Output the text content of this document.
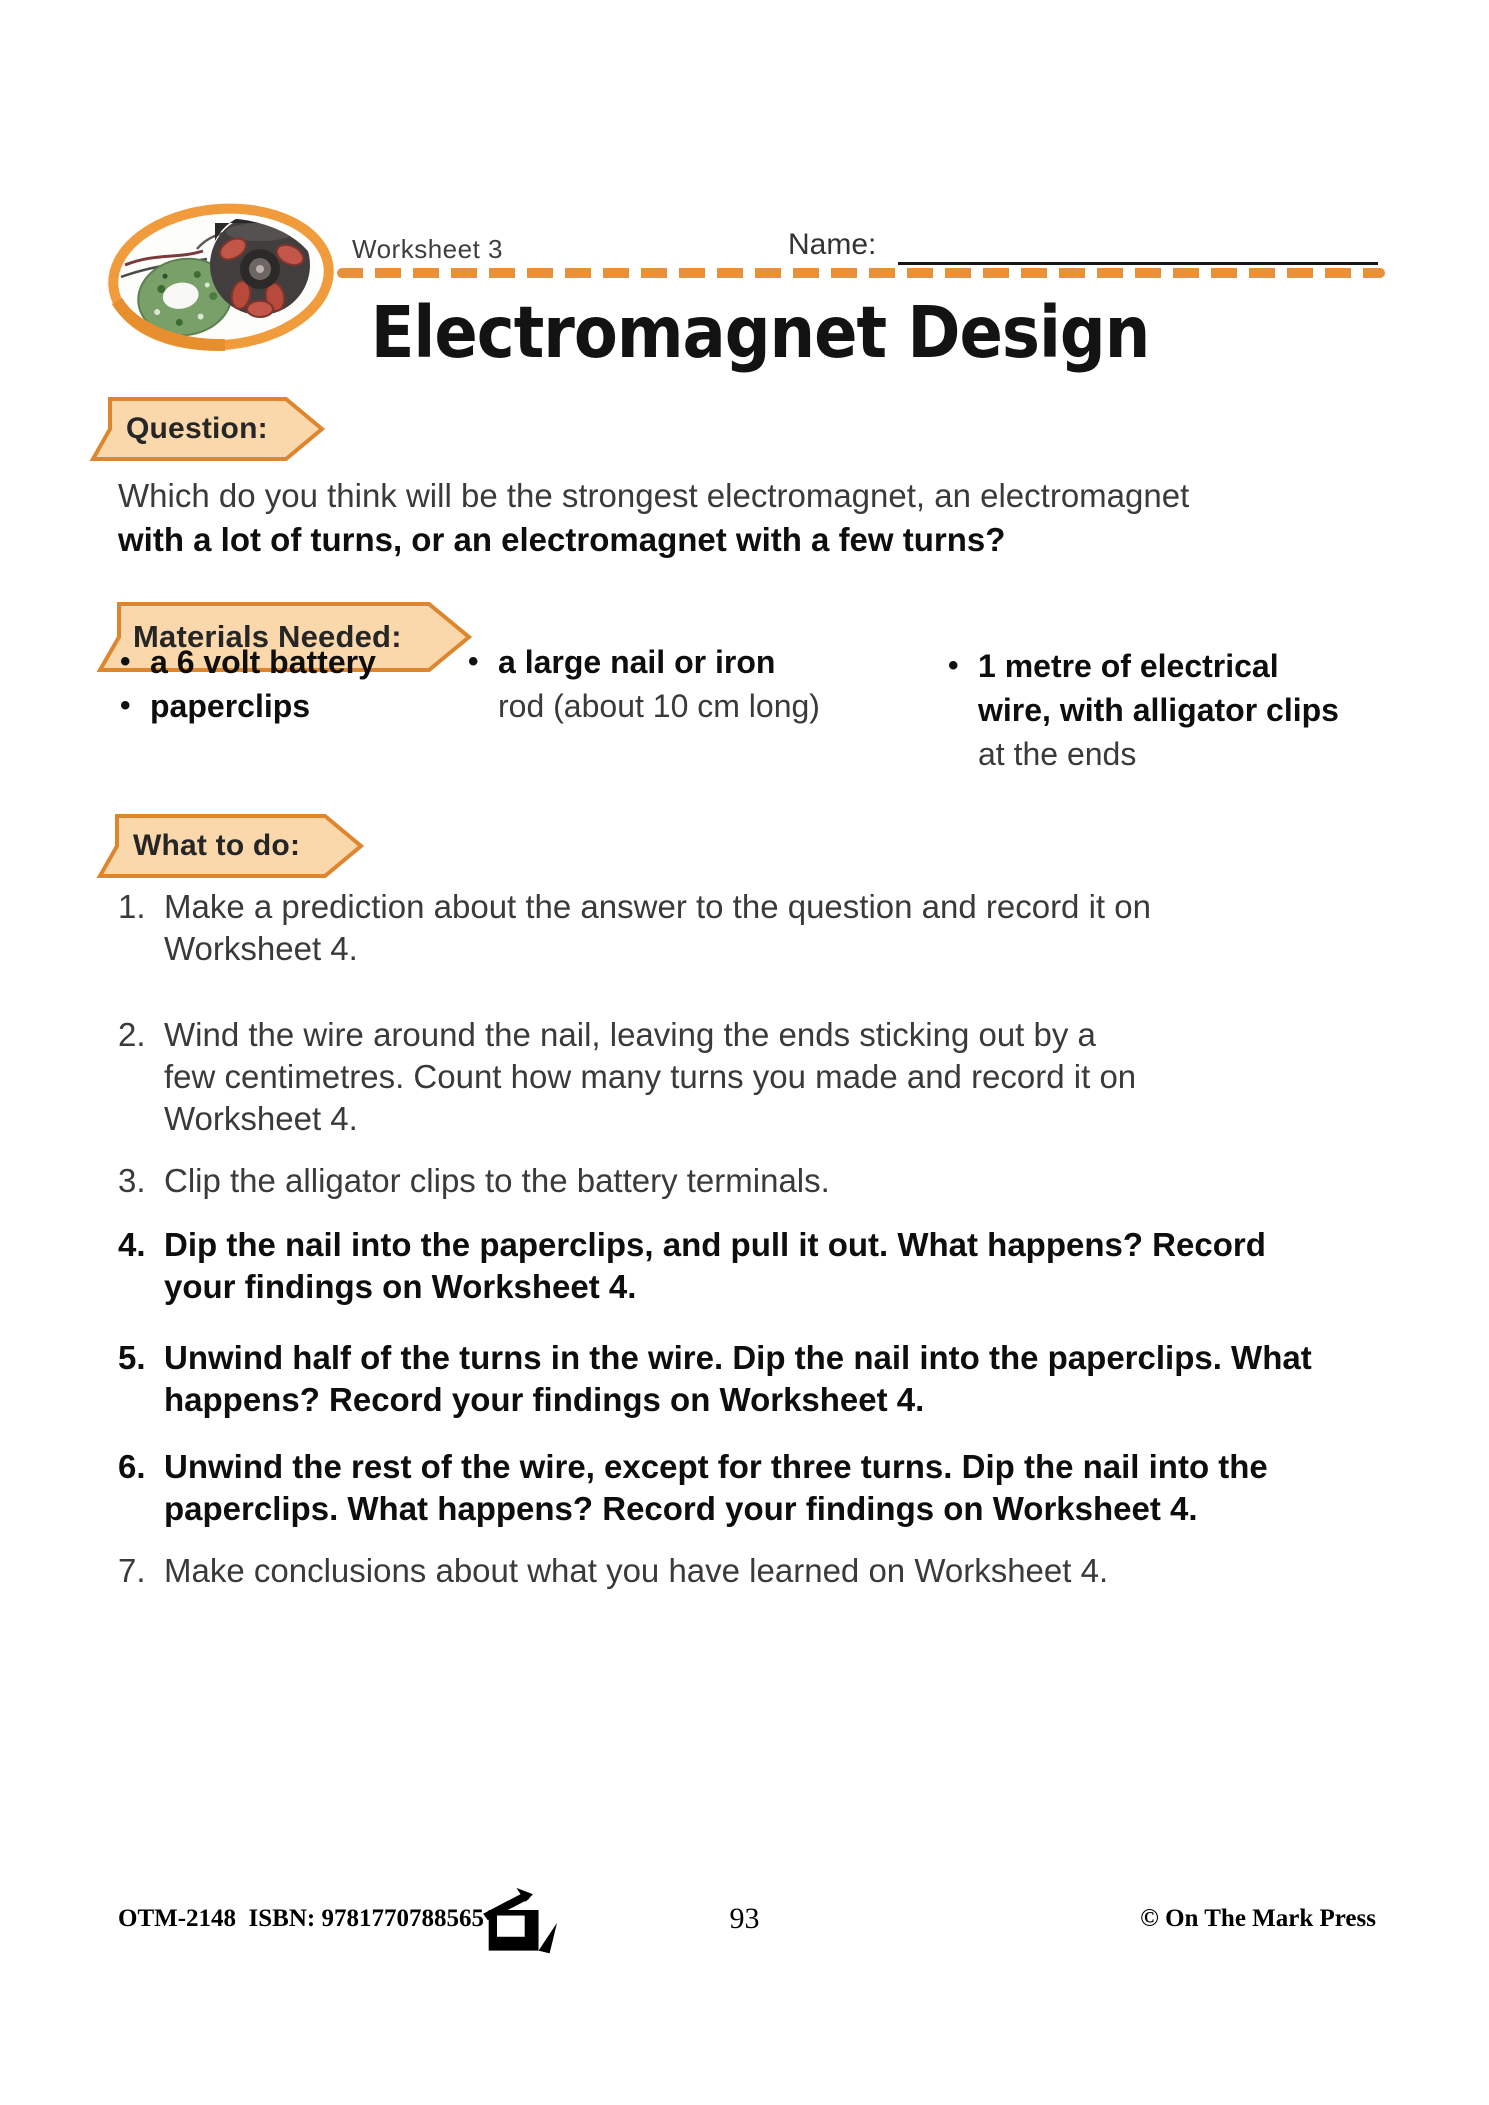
Worksheet 3	Name:
Electromagnet Design
Question:
Which do you think will be the strongest electromagnet, an electromagnet
with a lot of turns, or an electromagnet with a few turns?
Materials Needed:
• a 6 volt battery
• paperclips
• a large nail or iron
rod (about 10 cm long)
• 1 metre of electrical
wire, with alligator clips
at the ends
What to do:
1. Make a prediction about the answer to the question and record it on
Worksheet 4.
2. Wind the wire around the nail, leaving the ends sticking out by a
few centimetres. Count how many turns you made and record it on
Worksheet 4.
3. Clip the alligator clips to the battery terminals.
4. Dip the nail into the paperclips, and pull it out. What happens? Record
your findings on Worksheet 4.
5. Unwind half of the turns in the wire. Dip the nail into the paperclips. What
happens? Record your findings on Worksheet 4.
6. Unwind the rest of the wire, except for three turns. Dip the nail into the
paperclips. What happens? Record your findings on Worksheet 4.
7. Make conclusions about what you have learned on Worksheet 4.
OTM-2148  ISBN: 9781770788565	93	© On The Mark Press
